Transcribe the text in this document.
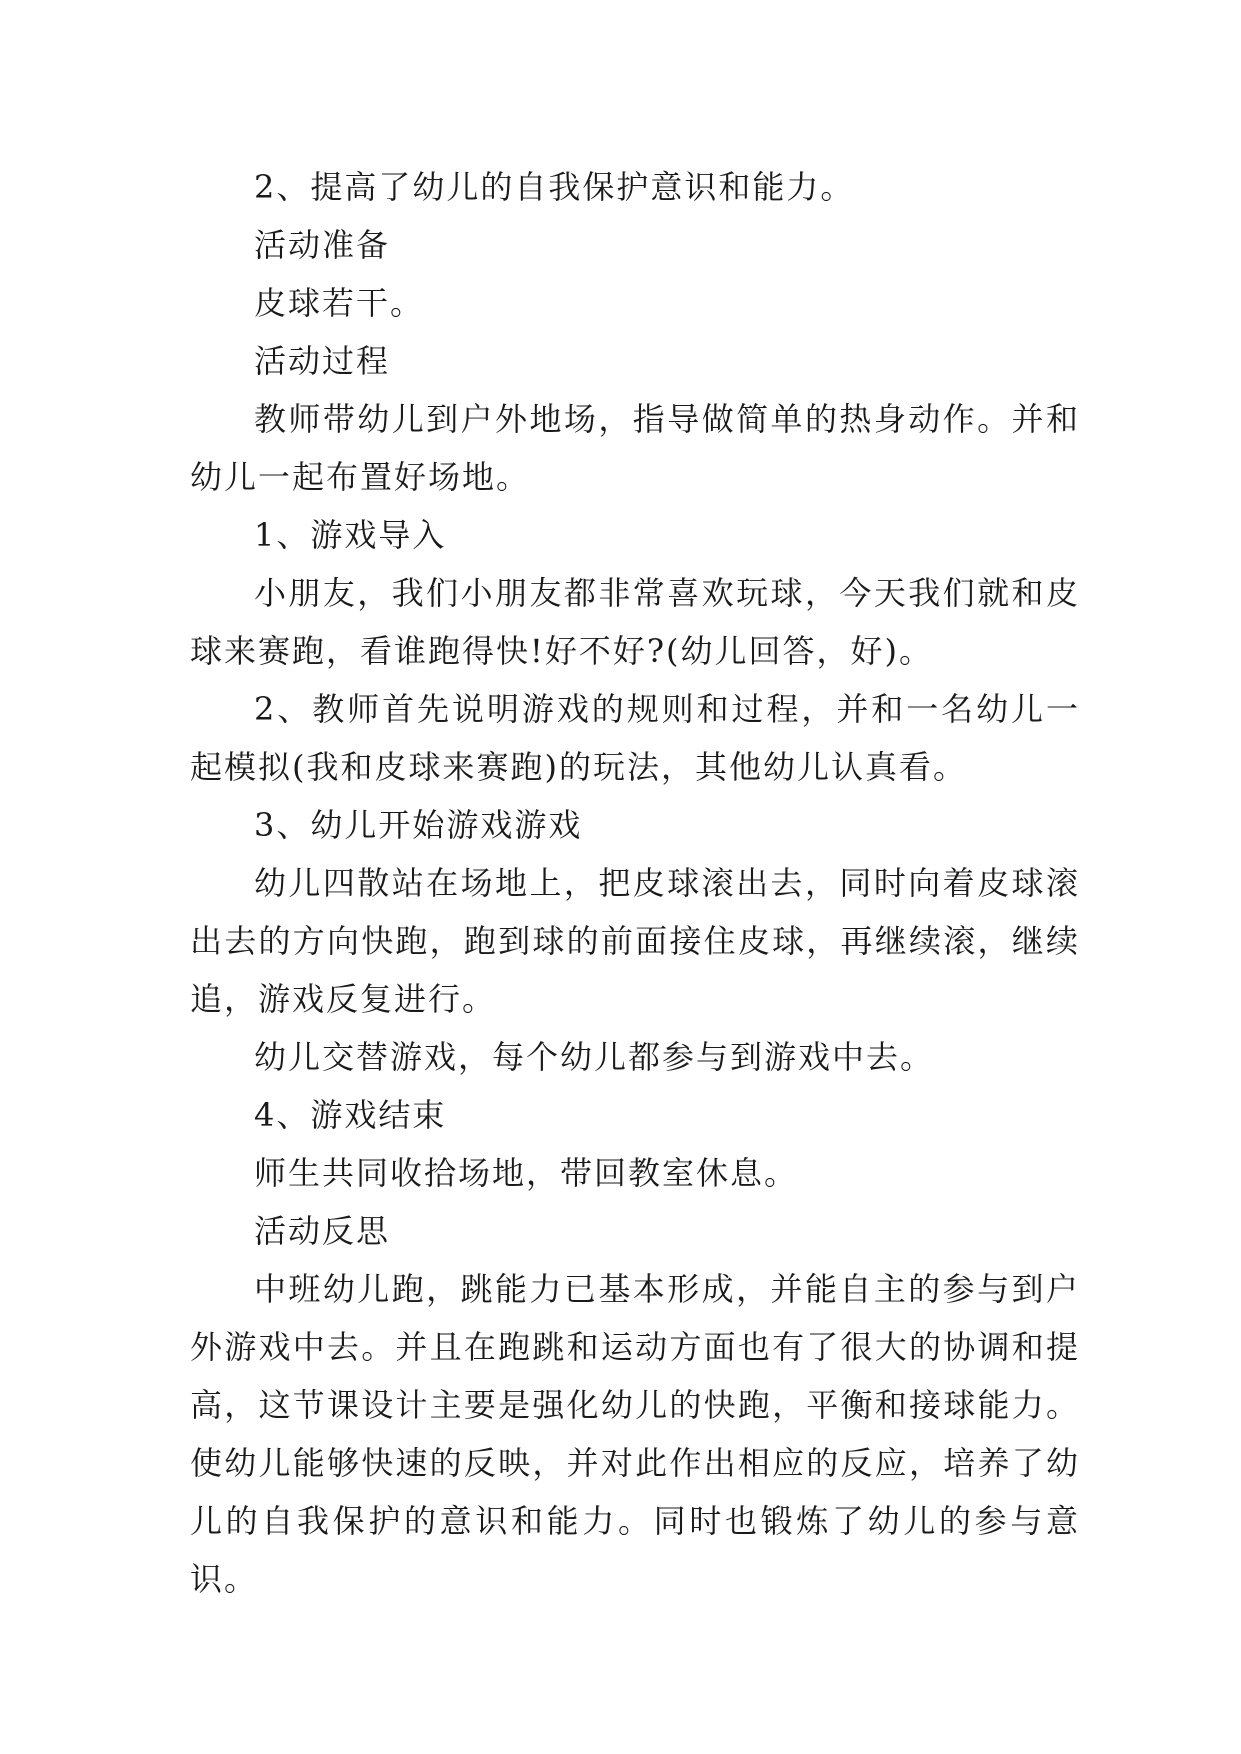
2、提高了幼儿的自我保护意识和能力。

活动准备

皮球若干。

活动过程

教师带幼儿到户外地场，指导做简单的热身动作。并和幼儿一起布置好场地。

1、游戏导入

小朋友，我们小朋友都非常喜欢玩球，今天我们就和皮球来赛跑，看谁跑得快!好不好?(幼儿回答，好)。

2、教师首先说明游戏的规则和过程，并和一名幼儿一起模拟(我和皮球来赛跑)的玩法，其他幼儿认真看。

3、幼儿开始游戏游戏

幼儿四散站在场地上，把皮球滚出去，同时向着皮球滚出去的方向快跑，跑到球的前面接住皮球，再继续滚，继续追，游戏反复进行。

幼儿交替游戏，每个幼儿都参与到游戏中去。

4、游戏结束

师生共同收拾场地，带回教室休息。

活动反思

中班幼儿跑，跳能力已基本形成，并能自主的参与到户外游戏中去。并且在跑跳和运动方面也有了很大的协调和提高，这节课设计主要是强化幼儿的快跑，平衡和接球能力。使幼儿能够快速的反映，并对此作出相应的反应，培养了幼儿的自我保护的意识和能力。同时也锻炼了幼儿的参与意识。
